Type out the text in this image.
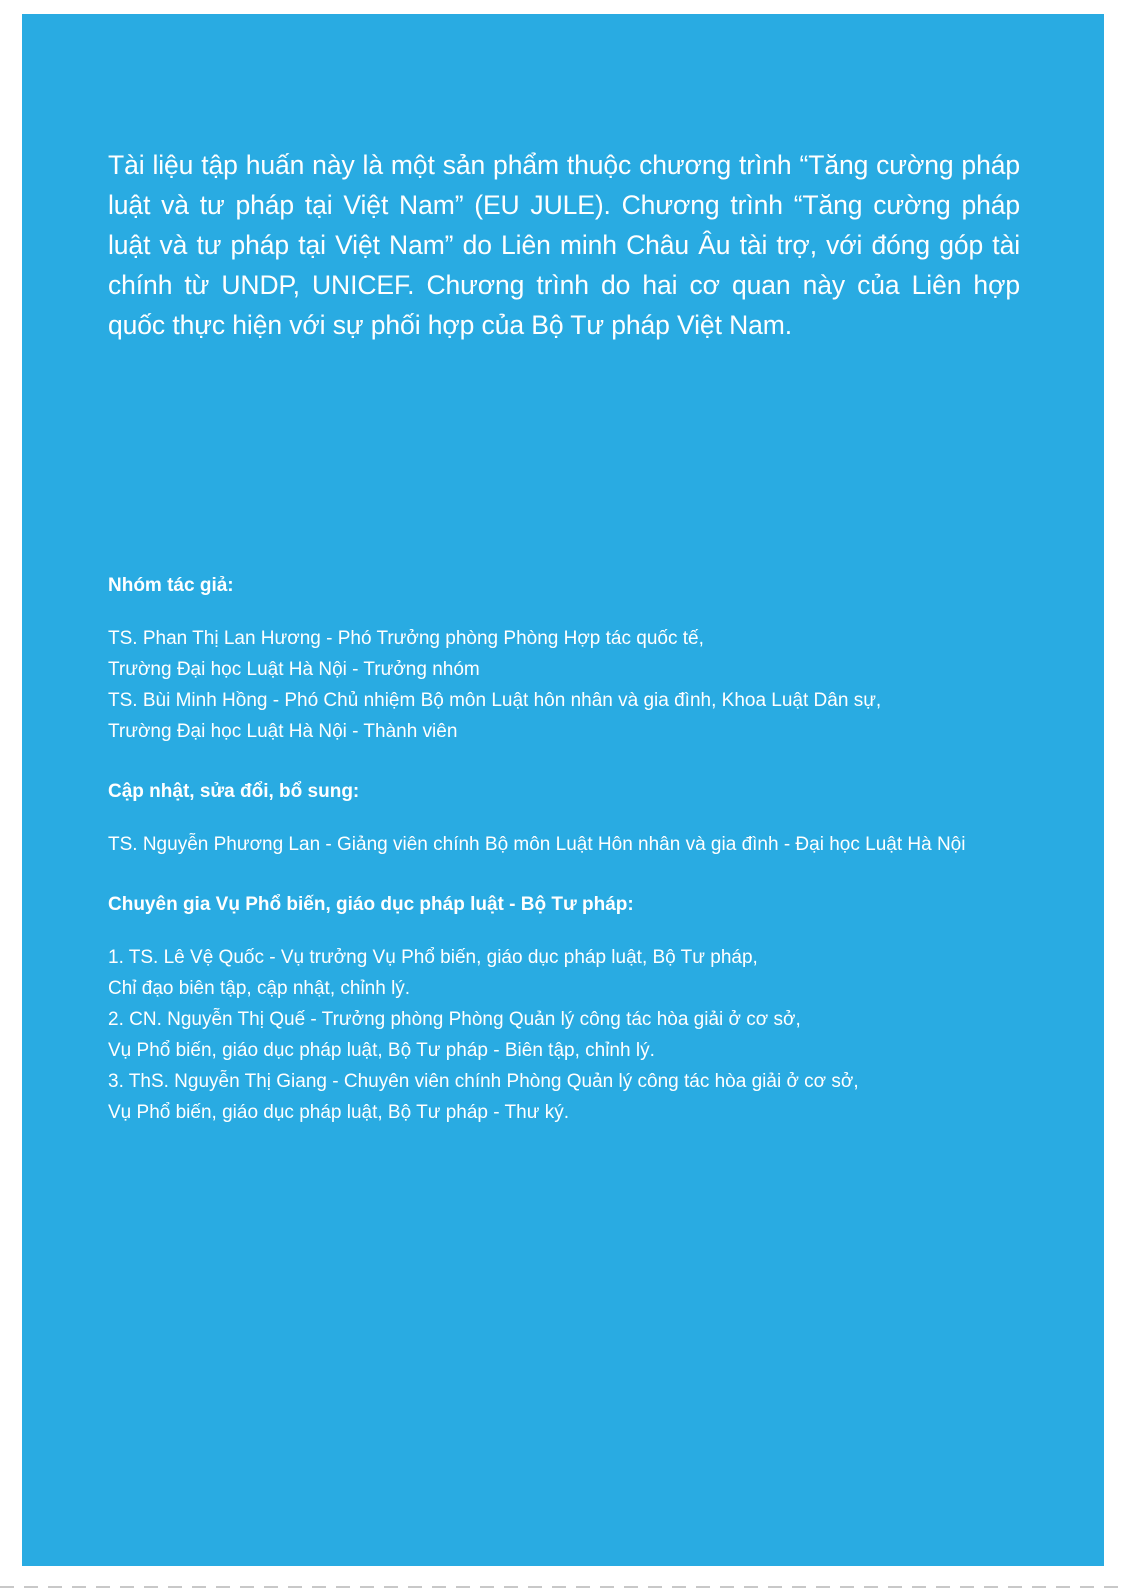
Tài liệu tập huấn này là một sản phẩm thuộc chương trình “Tăng cường pháp luật và tư pháp tại Việt Nam” (EU JULE). Chương trình “Tăng cường pháp luật và tư pháp tại Việt Nam” do Liên minh Châu Âu tài trợ, với đóng góp tài chính từ UNDP, UNICEF. Chương trình do hai cơ quan này của Liên hợp quốc thực hiện với sự phối hợp của Bộ Tư pháp Việt Nam.

Nhóm tác giả:
TS. Phan Thị Lan Hương - Phó Trưởng phòng Phòng Hợp tác quốc tế,
Trường Đại học Luật Hà Nội - Trưởng nhóm
TS. Bùi Minh Hồng - Phó Chủ nhiệm Bộ môn Luật hôn nhân và gia đình, Khoa Luật Dân sự,
Trường Đại học Luật Hà Nội - Thành viên
Cập nhật, sửa đổi, bổ sung:
TS. Nguyễn Phương Lan - Giảng viên chính Bộ môn Luật Hôn nhân và gia đình - Đại học Luật Hà Nội
Chuyên gia Vụ Phổ biến, giáo dục pháp luật - Bộ Tư pháp:
1. TS. Lê Vệ Quốc - Vụ trưởng Vụ Phổ biến, giáo dục pháp luật, Bộ Tư pháp,
Chỉ đạo biên tập, cập nhật, chỉnh lý.
2. CN. Nguyễn Thị Quế - Trưởng phòng Phòng Quản lý công tác hòa giải ở cơ sở,
Vụ Phổ biến, giáo dục pháp luật, Bộ Tư pháp - Biên tập, chỉnh lý.
3. ThS. Nguyễn Thị Giang - Chuyên viên chính Phòng Quản lý công tác hòa giải ở cơ sở,
Vụ Phổ biến, giáo dục pháp luật, Bộ Tư pháp - Thư ký.
